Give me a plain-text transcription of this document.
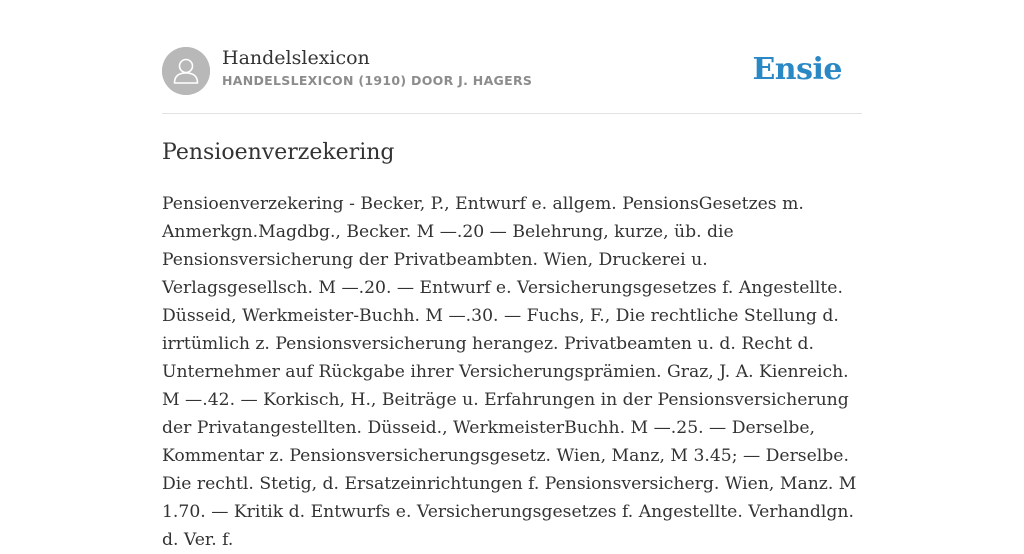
Handelslexicon
HANDELSLEXICON (1910) DOOR J. HAGERS	Ensie
Pensioenverzekering

Pensioenverzekering - Becker, P., Entwurf e. allgem. PensionsGesetzes m. Anmerkgn.Magdbg., Becker. M —.20 — Belehrung, kurze, üb. die Pensionsversicherung der Privatbeambten. Wien, Druckerei u. Verlagsgesellsch. M —.20. — Entwurf e. Versicherungsgesetzes f. Angestellte. Düsseid, Werkmeister-Buchh. M —.30. — Fuchs, F., Die rechtliche Stellung d. irrtümlich z. Pensionsversicherung herangez. Privatbeamten u. d. Recht d. Unternehmer auf Rückgabe ihrer Versicherungsprämien. Graz, J. A. Kienreich. M —.42. — Korkisch, H., Beiträge u. Erfahrungen in der Pensionsversicherung der Privatangestellten. Düsseid., WerkmeisterBuchh. M —.25. — Derselbe, Kommentar z. Pensionsversicherungsgesetz. Wien, Manz, M 3.45; — Derselbe. Die rechtl. Stetig, d. Ersatzeinrichtungen f. Pensionsversicherg. Wien, Manz. M 1.70. — Kritik d. Entwurfs e. Versicherungsgesetzes f. Angestellte. Verhandlgn. d. Ver. f.
